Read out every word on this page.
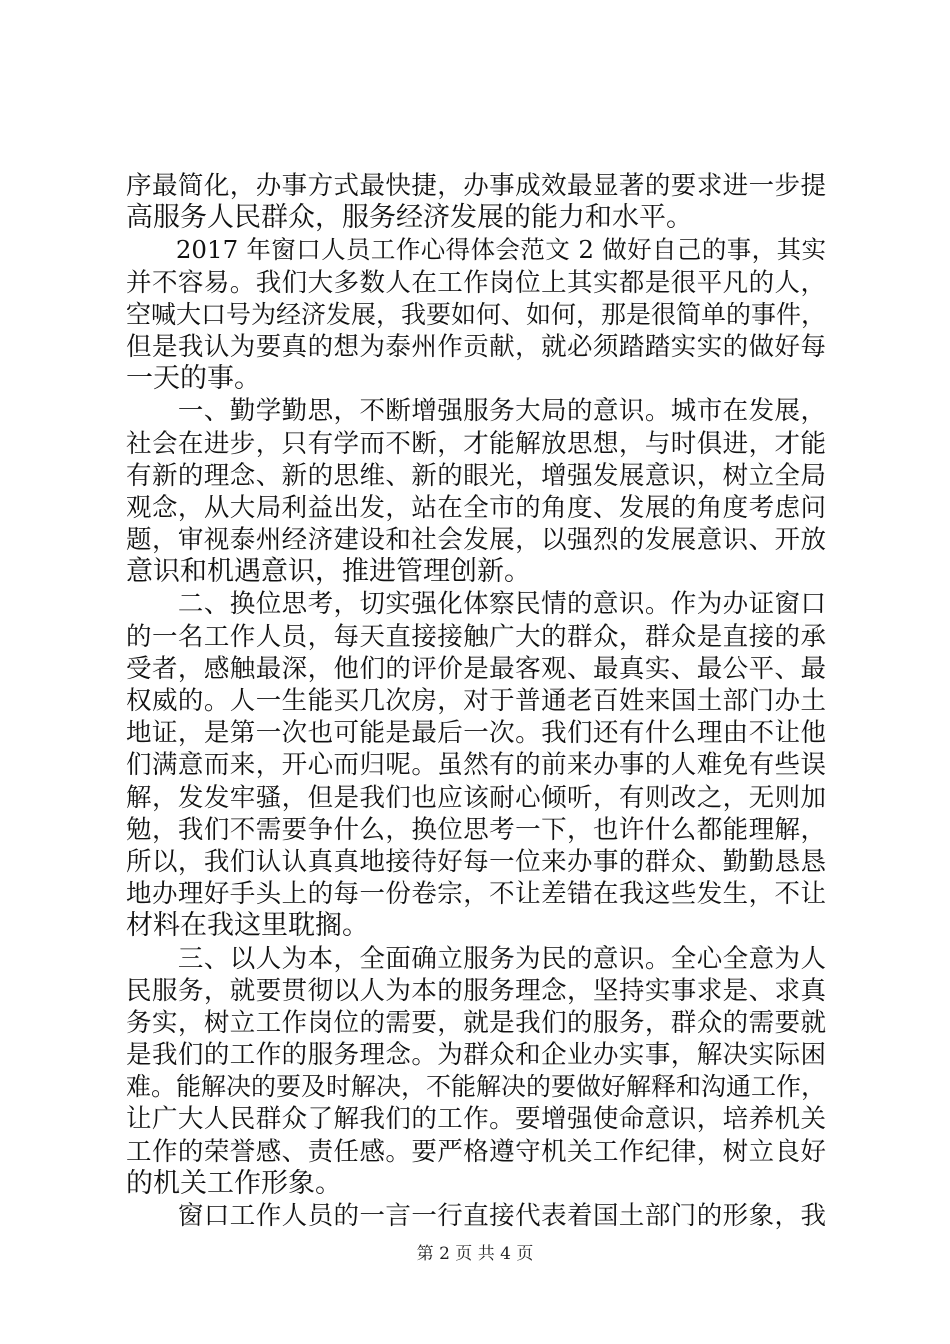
序最简化，办事方式最快捷，办事成效最显著的要求进一步提
高服务人民群众，服务经济发展的能力和水平。
　　2017 年窗口人员工作心得体会范文 2 做好自己的事，其实
并不容易。我们大多数人在工作岗位上其实都是很平凡的人，
空喊大口号为经济发展，我要如何、如何，那是很简单的事件，
但是我认为要真的想为泰州作贡献，就必须踏踏实实的做好每
一天的事。
　　一、勤学勤思，不断增强服务大局的意识。城市在发展，
社会在进步，只有学而不断，才能解放思想，与时俱进，才能
有新的理念、新的思维、新的眼光，增强发展意识，树立全局
观念，从大局利益出发，站在全市的角度、发展的角度考虑问
题，审视泰州经济建设和社会发展，以强烈的发展意识、开放
意识和机遇意识，推进管理创新。
　　二、换位思考，切实强化体察民情的意识。作为办证窗口
的一名工作人员，每天直接接触广大的群众，群众是直接的承
受者，感触最深，他们的评价是最客观、最真实、最公平、最
权威的。人一生能买几次房，对于普通老百姓来国土部门办土
地证，是第一次也可能是最后一次。我们还有什么理由不让他
们满意而来，开心而归呢。虽然有的前来办事的人难免有些误
解，发发牢骚，但是我们也应该耐心倾听，有则改之，无则加
勉，我们不需要争什么，换位思考一下，也许什么都能理解，
所以，我们认认真真地接待好每一位来办事的群众、勤勤恳恳
地办理好手头上的每一份卷宗，不让差错在我这些发生，不让
材料在我这里耽搁。
　　三、以人为本，全面确立服务为民的意识。全心全意为人
民服务，就要贯彻以人为本的服务理念，坚持实事求是、求真
务实，树立工作岗位的需要，就是我们的服务，群众的需要就
是我们的工作的服务理念。为群众和企业办实事，解决实际困
难。能解决的要及时解决，不能解决的要做好解释和沟通工作，
让广大人民群众了解我们的工作。要增强使命意识，培养机关
工作的荣誉感、责任感。要严格遵守机关工作纪律，树立良好
的机关工作形象。
　　窗口工作人员的一言一行直接代表着国土部门的形象，我
第 2 页 共 4 页
